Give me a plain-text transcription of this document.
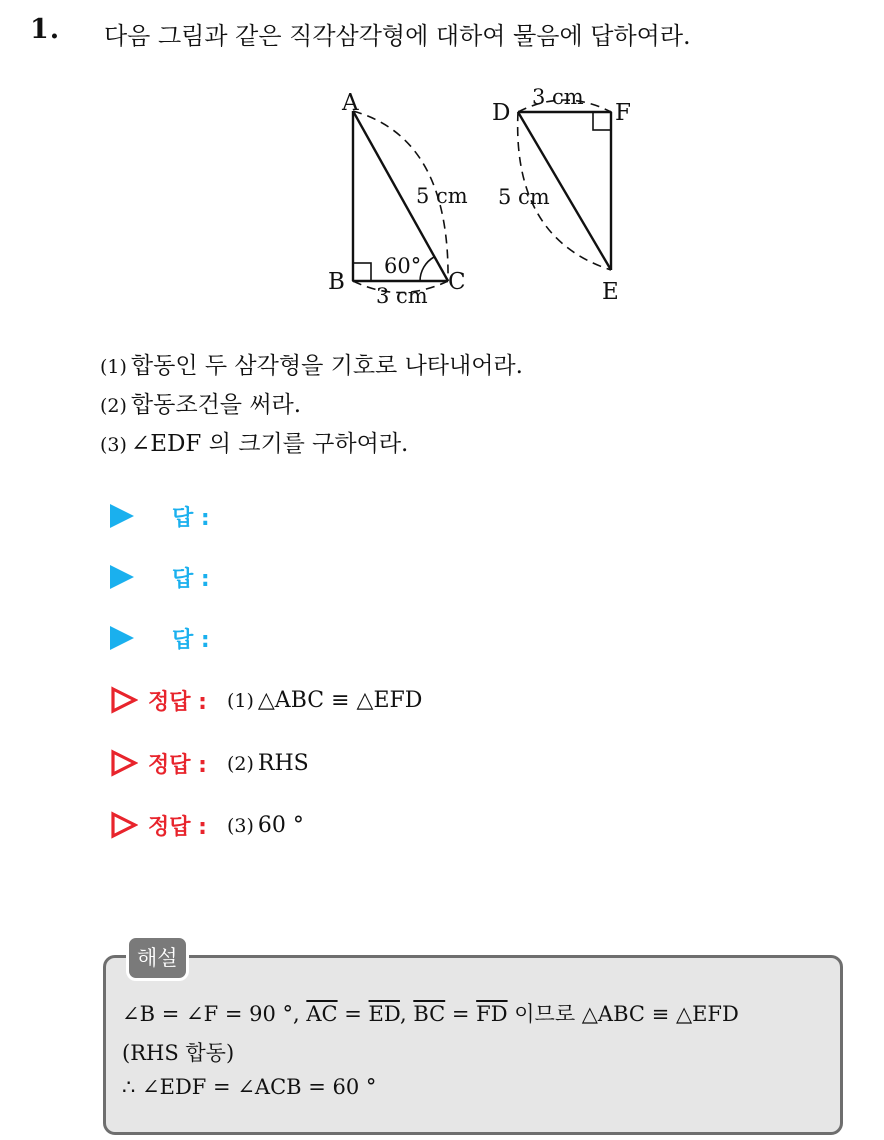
1. 다음 그림과 같은 직각삼각형에 대하여 물음에 답하여라.
A
B	C
5 cm
3 cm
60°
D	F
E
3 cm
5 cm
(1) 합동인 두 삼각형을 기호로 나타내어라.
(2) 합동조건을 써라.
(3) ∠EDF 의 크기를 구하여라.
답 :
답 :
답 :
정답 : (1) △ABC ≡ △EFD
정답 : (2) RHS
정답 : (3) 60 °
해설
∠B = ∠F = 90 °, $\overline{AC} = \overline{ED}$, $\overline{BC} = \overline{FD}$ 이므로 △ABC ≡ △EFD
(RHS 합동)
∴ ∠EDF = ∠ACB = 60 °
